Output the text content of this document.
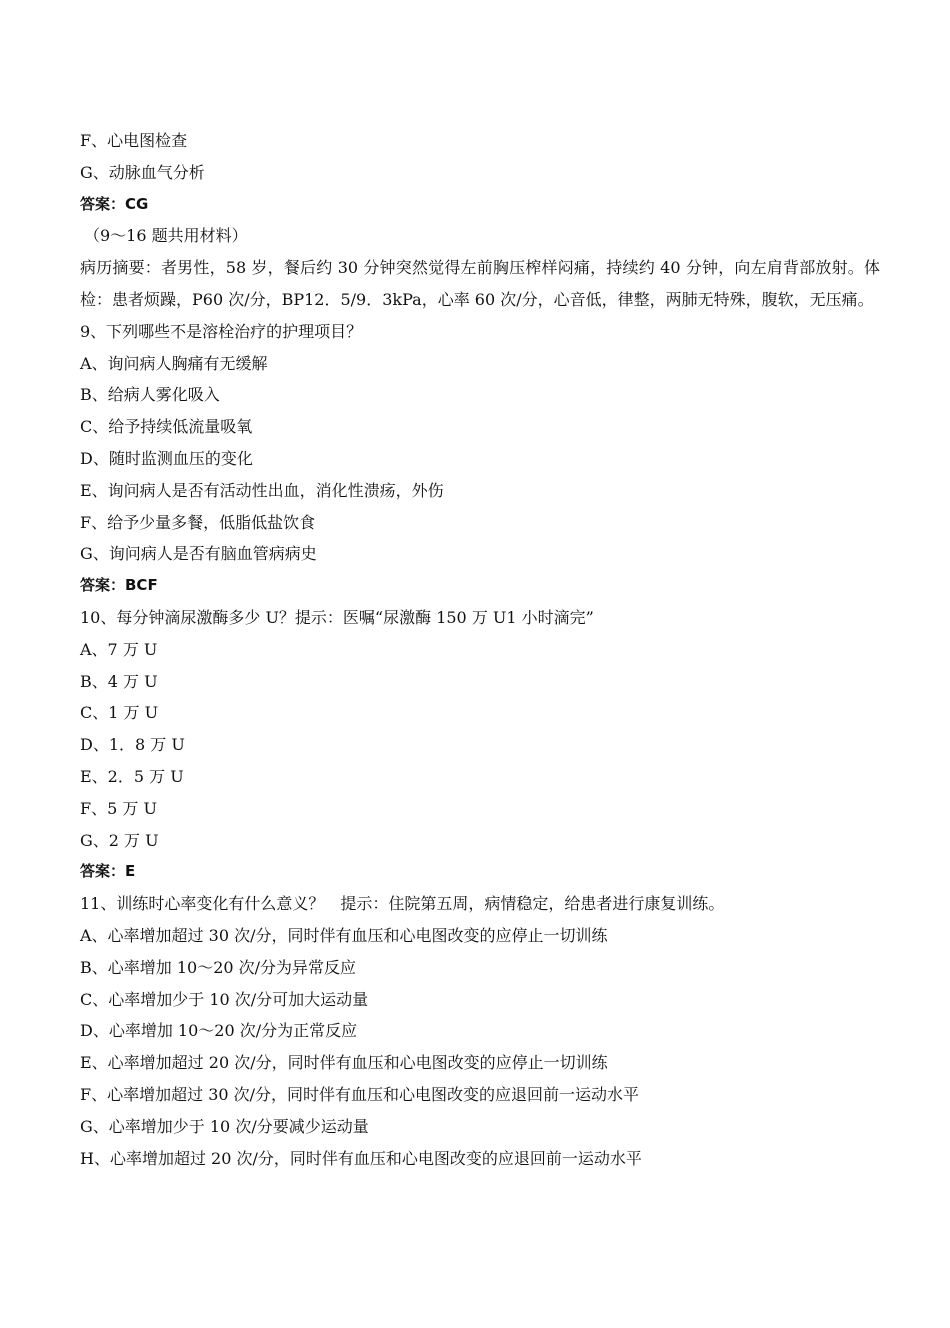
F、心电图检查
G、动脉血气分析
答案：CG
（9～16 题共用材料）
病历摘要：者男性，58 岁，餐后约 30 分钟突然觉得左前胸压榨样闷痛，持续约 40 分钟，向左肩背部放射。体检：患者烦躁，P60 次/分，BP12．5/9．3kPa，心率 60 次/分，心音低，律整，两肺无特殊，腹软，无压痛。
9、下列哪些不是溶栓治疗的护理项目？
A、询问病人胸痛有无缓解
B、给病人雾化吸入
C、给予持续低流量吸氧
D、随时监测血压的变化
E、询问病人是否有活动性出血，消化性溃疡，外伤
F、给予少量多餐，低脂低盐饮食
G、询问病人是否有脑血管病病史
答案：BCF
10、每分钟滴尿激酶多少 U？提示：医嘱“尿激酶 150 万 U1 小时滴完”
A、7 万 U
B、4 万 U
C、1 万 U
D、1．8 万 U
E、2．5 万 U
F、5 万 U
G、2 万 U
答案：E
11、训练时心率变化有什么意义？　提示：住院第五周，病情稳定，给患者进行康复训练。
A、心率增加超过 30 次/分，同时伴有血压和心电图改变的应停止一切训练
B、心率增加 10～20 次/分为异常反应
C、心率增加少于 10 次/分可加大运动量
D、心率增加 10～20 次/分为正常反应
E、心率增加超过 20 次/分，同时伴有血压和心电图改变的应停止一切训练
F、心率增加超过 30 次/分，同时伴有血压和心电图改变的应退回前一运动水平
G、心率增加少于 10 次/分要减少运动量
H、心率增加超过 20 次/分，同时伴有血压和心电图改变的应退回前一运动水平
